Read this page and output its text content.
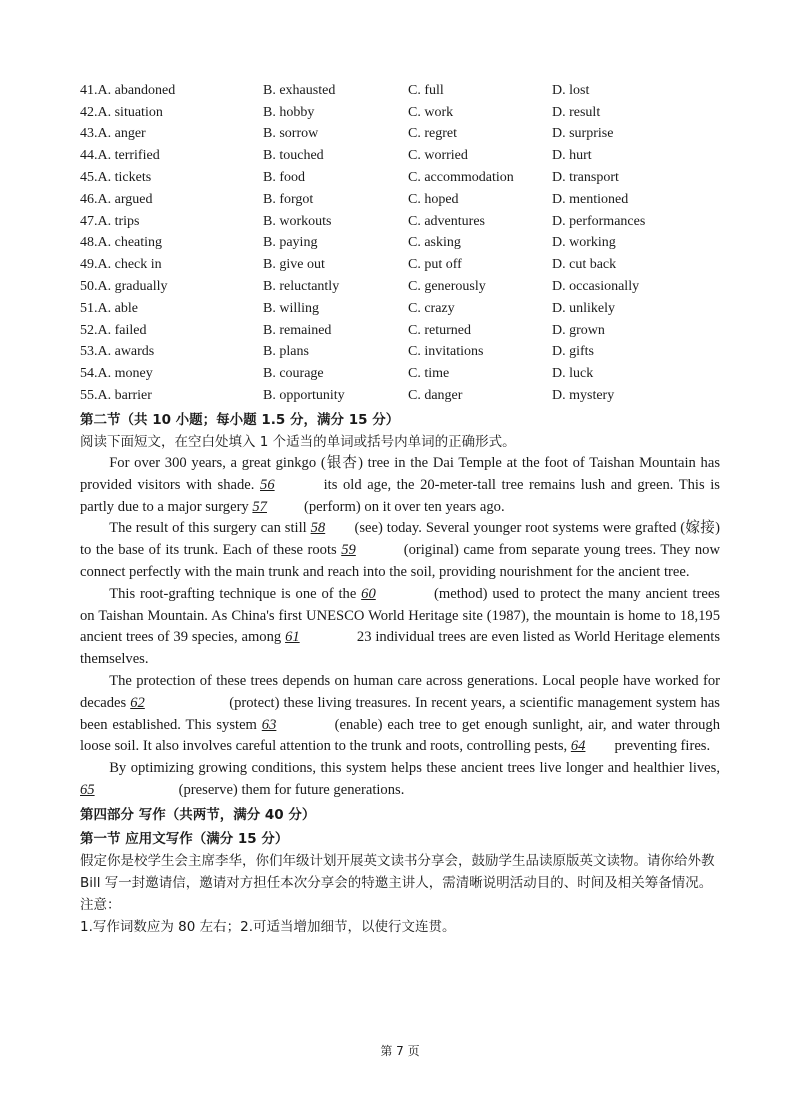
41.A. abandoned	B. exhausted	C. full	D. lost
42.A. situation	B. hobby	C. work	D. result
43.A. anger	B. sorrow	C. regret	D. surprise
44.A. terrified	B. touched	C. worried	D. hurt
45.A. tickets	B. food	C. accommodation	D. transport
46.A. argued	B. forgot	C. hoped	D. mentioned
47.A. trips	B. workouts	C. adventures	D. performances
48.A. cheating	B. paying	C. asking	D. working
49.A. check in	B. give out	C. put off	D. cut back
50.A. gradually	B. reluctantly	C. generously	D. occasionally
51.A. able	B. willing	C. crazy	D. unlikely
52.A. failed	B. remained	C. returned	D. grown
53.A. awards	B. plans	C. invitations	D. gifts
54.A. money	B. courage	C. time	D. luck
55.A. barrier	B. opportunity	C. danger	D. mystery
第二节（共 10 小题；每小题 1.5 分，满分 15 分）
阅读下面短文，在空白处填入 1 个适当的单词或括号内单词的正确形式。

For over 300 years, a great ginkgo (银杏) tree in the Dai Temple at the foot of Taishan Mountain has provided visitors with shade. 56	its old age, the 20-meter-tall tree remains lush and green. This is partly due to a major surgery 57 (perform) on it over ten years ago.

The result of this surgery can still 58 (see) today. Several younger root systems were grafted (嫁接) to the base of its trunk. Each of these roots 59	(original) came from separate young trees. They now connect perfectly with the main trunk and reach into the soil, providing nourishment for the ancient tree.

This root-grafting technique is one of the 60	(method) used to protect the many ancient trees on Taishan Mountain. As China's first UNESCO World Heritage site (1987), the mountain is home to 18,195 ancient trees of 39 species, among 61	23 individual trees are even listed as World Heritage elements themselves.

The protection of these trees depends on human care across generations. Local people have worked for decades 62	(protect) these living treasures. In recent years, a scientific management system has been established. This system 63	(enable) each tree to get enough sunlight, air, and water through loose soil. It also involves careful attention to the trunk and roots, controlling pests, 64 preventing fires.

By optimizing growing conditions, this system helps these ancient trees live longer and healthier lives, 65	(preserve) them for future generations.

第四部分 写作（共两节，满分 40 分）
第一节 应用文写作（满分 15 分）
假定你是校学生会主席李华，你们年级计划开展英文读书分享会，鼓励学生品读原版英文读物。请你给外教 Bill 写一封邀请信，邀请对方担任本次分享会的特邀主讲人，需清晰说明活动目的、时间及相关筹备情况。
注意：
1.写作词数应为 80 左右；2.可适当增加细节，以使行文连贯。
第 7 页
